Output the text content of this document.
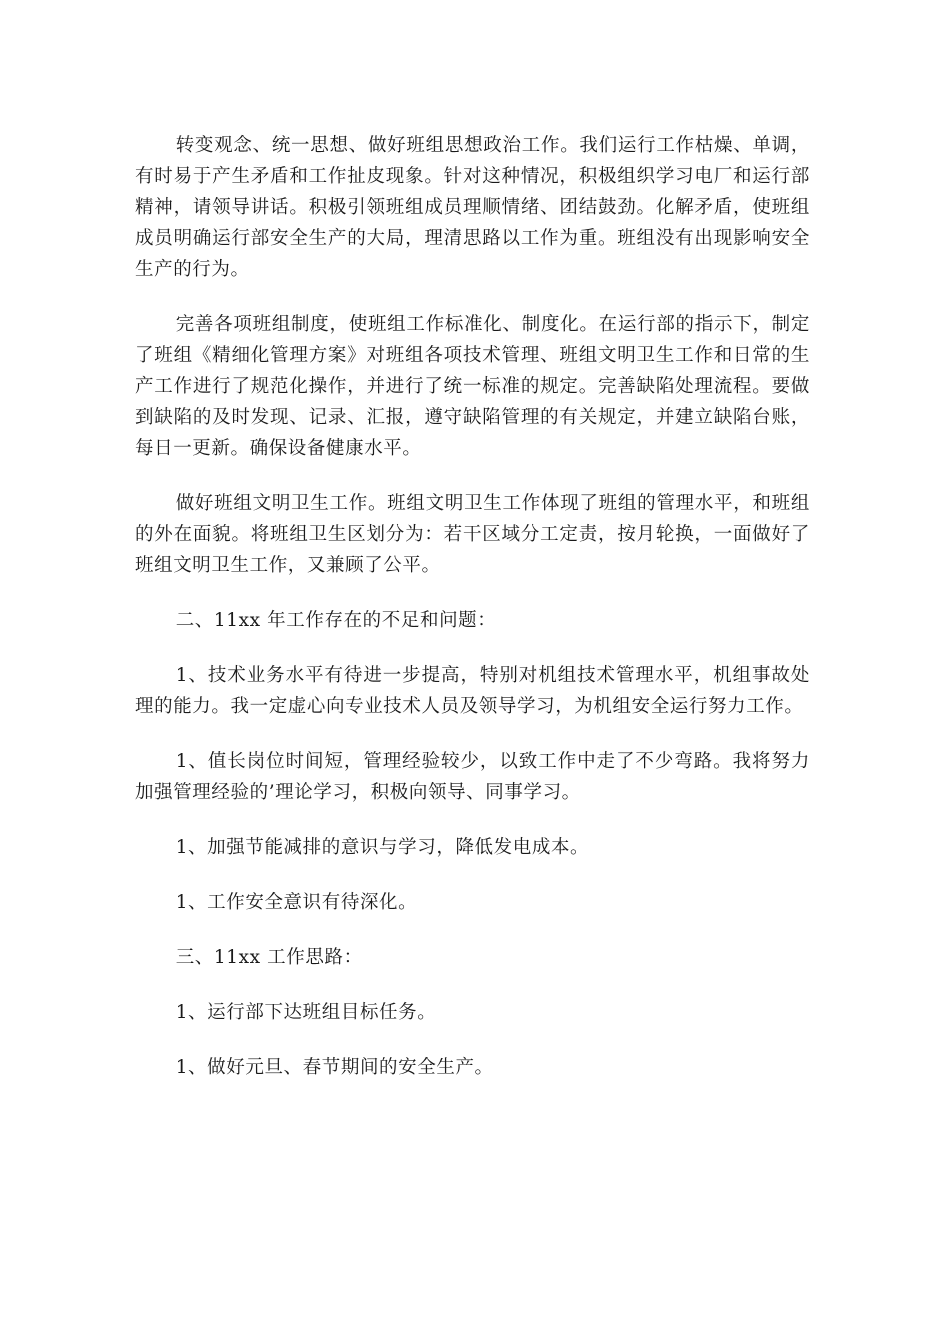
转变观念、统一思想、做好班组思想政治工作。我们运行工作枯燥、单调，有时易于产生矛盾和工作扯皮现象。针对这种情况，积极组织学习电厂和运行部精神，请领导讲话。积极引领班组成员理顺情绪、团结鼓劲。化解矛盾，使班组成员明确运行部安全生产的大局，理清思路以工作为重。班组没有出现影响安全生产的行为。

完善各项班组制度，使班组工作标准化、制度化。在运行部的指示下，制定了班组《精细化管理方案》对班组各项技术管理、班组文明卫生工作和日常的生产工作进行了规范化操作，并进行了统一标准的规定。完善缺陷处理流程。要做到缺陷的及时发现、记录、汇报，遵守缺陷管理的有关规定，并建立缺陷台账，每日一更新。确保设备健康水平。

做好班组文明卫生工作。班组文明卫生工作体现了班组的管理水平，和班组的外在面貌。将班组卫生区划分为：若干区域分工定责，按月轮换，一面做好了班组文明卫生工作，又兼顾了公平。

二、11xx 年工作存在的不足和问题：

1、技术业务水平有待进一步提高，特别对机组技术管理水平，机组事故处理的能力。我一定虚心向专业技术人员及领导学习，为机组安全运行努力工作。

1、值长岗位时间短，管理经验较少，以致工作中走了不少弯路。我将努力加强管理经验的’理论学习，积极向领导、同事学习。

1、加强节能减排的意识与学习，降低发电成本。

1、工作安全意识有待深化。

三、11xx 工作思路：

1、运行部下达班组目标任务。

1、做好元旦、春节期间的安全生产。
